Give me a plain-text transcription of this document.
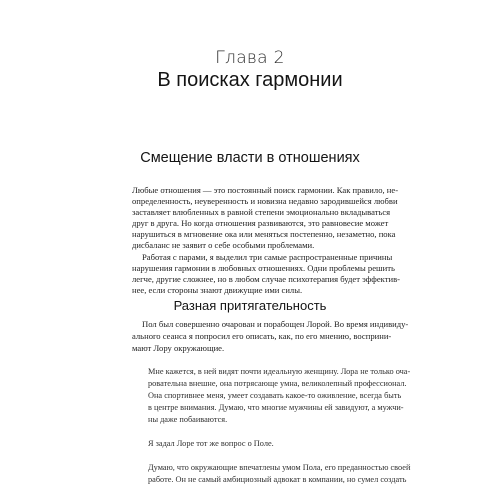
Глава 2
В поисках гармонии
Смещение власти в отношениях
Любые отношения — это постоянный поиск гармонии. Как правило, не-
определенность, неуверенность и новизна недавно зародившейся любви
заставляет влюбленных в равной степени эмоционально вкладываться
друг в друга. Но когда отношения развиваются, это равновесие может
нарушиться в мгновение ока или меняться постепенно, незаметно, пока
дисбаланс не заявит о себе особыми проблемами.
Работая с парами, я выделил три самые распространенные причины
нарушения гармонии в любовных отношениях. Одни проблемы решить
легче, другие сложнее, но в любом случае психотерапия будет эффектив-
нее, если стороны знают движущие ими силы.
Разная притягательность
Пол был совершенно очарован и порабощен Лорой. Во время индивиду-
ального сеанса я попросил его описать, как, по его мнению, восприни-
мают Лору окружающие.
Мне кажется, в ней видят почти идеальную женщину. Лора не только оча-
ровательна внешне, она потрясающе умна, великолепный профессионал.
Она спортивнее меня, умеет создавать какое-то оживление, всегда быть
в центре внимания. Думаю, что многие мужчины ей завидуют, а мужчи-
ны даже побаиваются.
Я задал Лоре тот же вопрос о Поле.
Думаю, что окружающие впечатлены умом Пола, его преданностью своей
работе. Он не самый амбициозный адвокат в компании, но сумел создать
